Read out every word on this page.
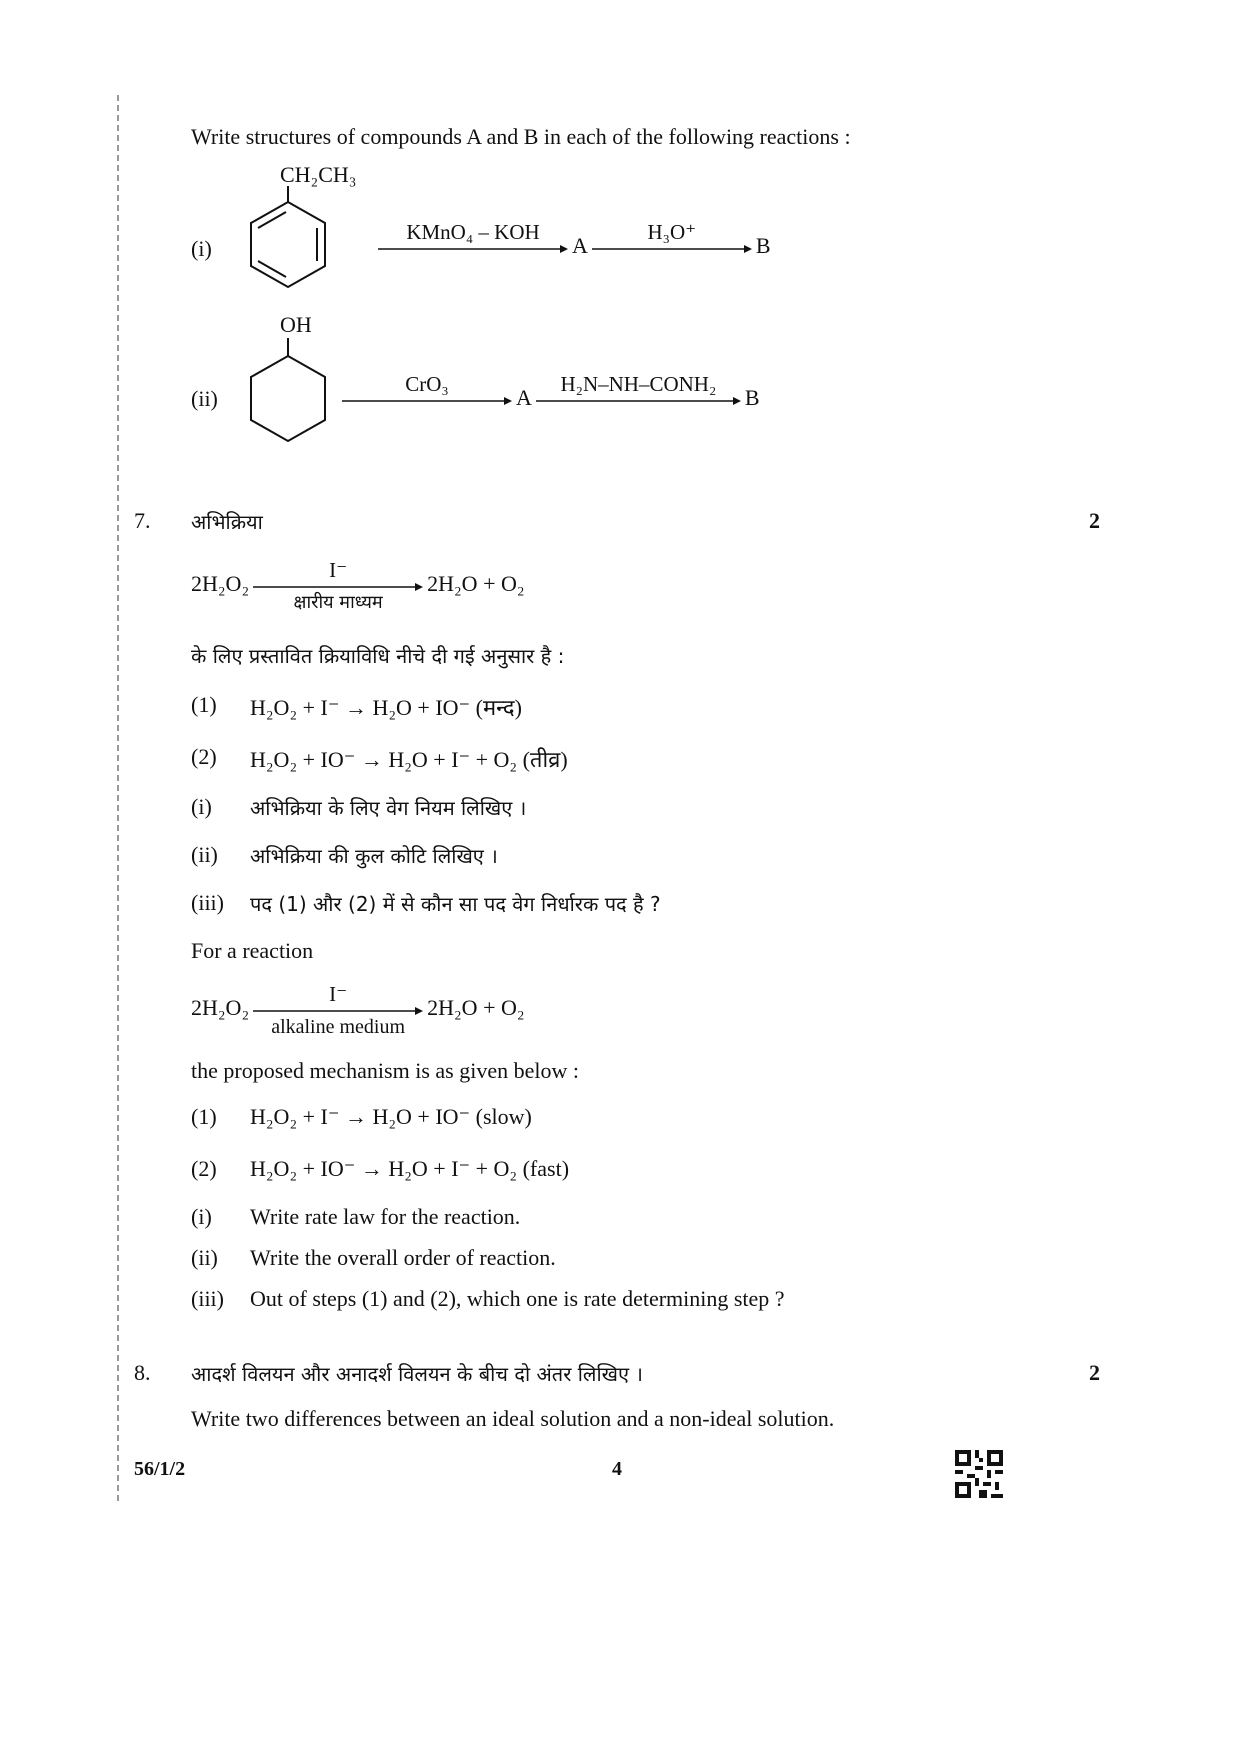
Write structures of compounds A and B in each of the following reactions :
(i)
CH₂CH₃
KMnO₄ – KOH

A
H₃O⁺

B
(ii)
OH
CrO₃

A
H₂N–NH–CONH₂

B
7. अभिक्रिया	2
2H₂O₂
I⁻
क्षारीय माध्यम
2H₂O + O₂
के लिए प्रस्तावित क्रियाविधि नीचे दी गई अनुसार है :
(1) H₂O₂ + I⁻ → H₂O + IO⁻ (मन्द)
(2) H₂O₂ + IO⁻ → H₂O + I⁻ + O₂ (तीव्र)
(i) अभिक्रिया के लिए वेग नियम लिखिए ।
(ii) अभिक्रिया की कुल कोटि लिखिए ।
(iii) पद (1) और (2) में से कौन सा पद वेग निर्धारक पद है ?
For a reaction
2H₂O₂
I⁻
alkaline medium
2H₂O + O₂
the proposed mechanism is as given below :
(1) H₂O₂ + I⁻ → H₂O + IO⁻ (slow)
(2) H₂O₂ + IO⁻ → H₂O + I⁻ + O₂ (fast)
(i) Write rate law for the reaction.
(ii) Write the overall order of reaction.
(iii) Out of steps (1) and (2), which one is rate determining step ?
8. आदर्श विलयन और अनादर्श विलयन के बीच दो अंतर लिखिए ।	2
Write two differences between an ideal solution and a non-ideal solution.
56/1/2	4
